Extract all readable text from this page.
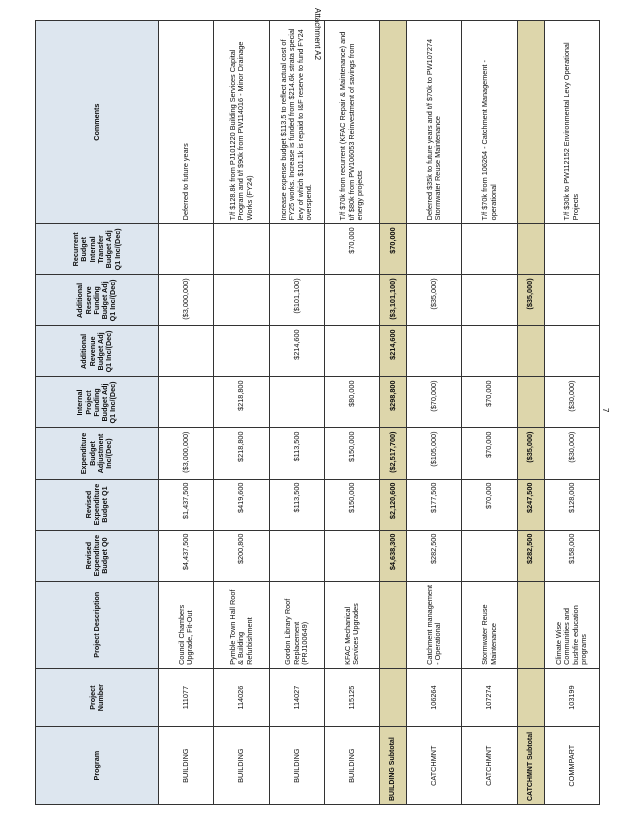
Attachment A2
7
Program	Project Number	Project Description	Revised Expenditure Budget Q0	Revised Expenditure Budget Q1	Expenditure Budget Adjustment Inc/(Dec)	Internal Project Funding Budget Adj Q1 Inc/(Dec)	Additional Revenue Budget Adj Q1 Inc/(Dec)	Additional Reserve Funding Budget Adj Q1 Inc/(Dec)	Recurrent Budget Internal Transfer Budget Adj Q1 Inc/(Dec)	Comments
BUILDING	111077	Council Chambers Upgrade, Fit-Out	$4,437,500	$1,437,500	($3,000,000)			($3,000,000)		Deferred to future years
BUILDING	114026	Pymble Town Hall Roof & Building Refurbishment	$200,800	$419,600	$218,800	$218,800				T/f $128.8k from PJ101220 Building Services Capital Program and t/f $90k from PW114016 - Minor Drainage Works (FY24)
BUILDING	114027	Gordon Library Roof Replacement (PRJ100649)		$113,500	$113,500		$214,600	($101,100)		Increase expense budget $113.5 to reflect actual cost of FY25 works. Increase is funded from $214.6k stratа special levy of which $101.1k is repaid to I&F reserve to fund FY24 overspend.
BUILDING	115125	KFAC Mechanical Services Upgrades		$150,000	$150,000	$80,000			$70,000	T/f $70k from recurrent (KFAC Repair & Maintenance) and t/f $80k from PW106053 Reinvestment of savings from energy projects
BUILDING Subtotal			$4,638,300	$2,120,600	($2,517,700)	$298,800	$214,600	($3,101,100)	$70,000	
CATCHMNT	106264	Catchment management - Operational	$282,500	$177,500	($105,000)	($70,000)		($35,000)		Deferred $35k to future years and t/f $70k to PW107274 Stormwater Reuse Maintenance
CATCHMNT	107274	Stormwater Reuse Maintenance		$70,000	$70,000	$70,000				T/f $70k from 106264 - Catchment Management - operational
CATCHMNT Subtotal			$282,500	$247,500	($35,000)			($35,000)		
COMMPART	103199	Climate Wise Communities and bushfire education programs	$158,000	$128,000	($30,000)	($30,000)				T/f $30k to PW112152 Environmental Levy Operational Projects
